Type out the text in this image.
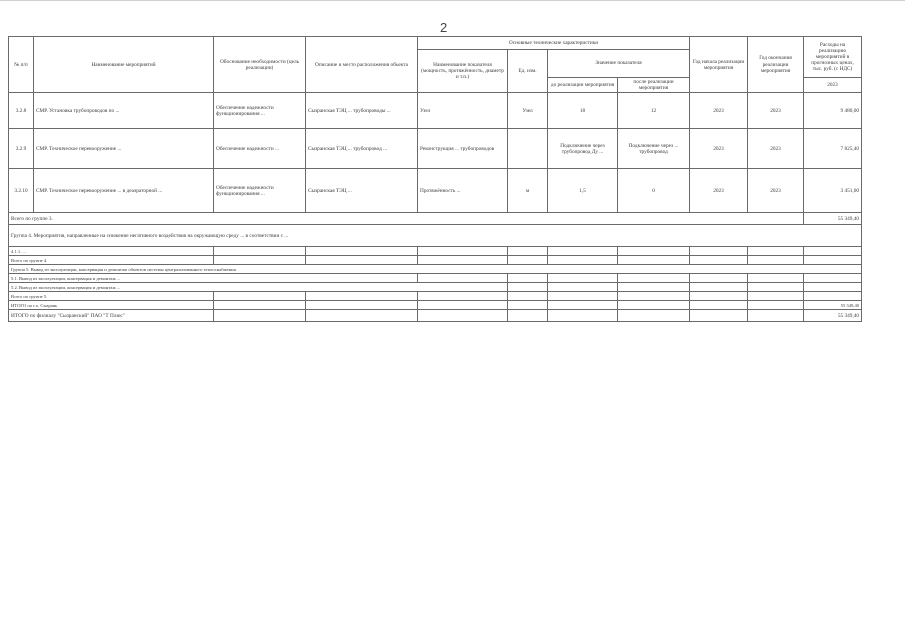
2
№ п/п	Наименование мероприятий	Обоснование необходимости (цель реализации)	Описание и место расположения объекта	Основные технические характеристики				Год начала реализации мероприятия	Год окончания реализации мероприятия	Расходы на реализацию мероприятий в прогнозных ценах, тыс. руб. (с НДС)
				Наименование показателя (мощность, протяжённость, диаметр и т.п.)	Ед. изм.	Значение показателя				
						до реализации мероприятия	после реализации мероприятия			2023
3.2.8	СМР. Установка трубопроводов по ...	Обеспечение надежности функционирования ...	Сызранская ТЭЦ ... трубопроводы ...	Узел	Узел	18	12	2023	2023	9 480,00
3.2.9	СМР. Техническое перевооружение ...	Обеспечение надежности ...	Сызранская ТЭЦ ... трубопровод ...	Реконструкция ... трубопроводов		Подключение через трубопровод Ду ...	Подключение через ... трубопровод	2023	2023	7 825,40
3.2.10	СМР. Техническое перевооружение ... в деаэраторной ...	Обеспечение надежности функционирования ...	Сызранская ТЭЦ ...	Протяжённость ...	м	1,5	0	2023	2023	3 451,00
Всего по группе 3.										55 349,40
Группа 4. Мероприятия, направленные на снижение негативного воздействия на окружающую среду ... в соответствии с ...										
4.1.1. ...										
Всего по группе 4.										
Группа 5. Вывод из эксплуатации, консервация и демонтаж объектов системы централизованного теплоснабжения										
5.1. Вывод из эксплуатации, консервация и демонтаж ...										
5.2. Вывод из эксплуатации, консервация и демонтаж ...										
Всего по группе 5.										
ИТОГО по г.о. Сызрань										55 349,40
ИТОГО по филиалу "Сызранский" ПАО "Т Плюс"										55 349,40
